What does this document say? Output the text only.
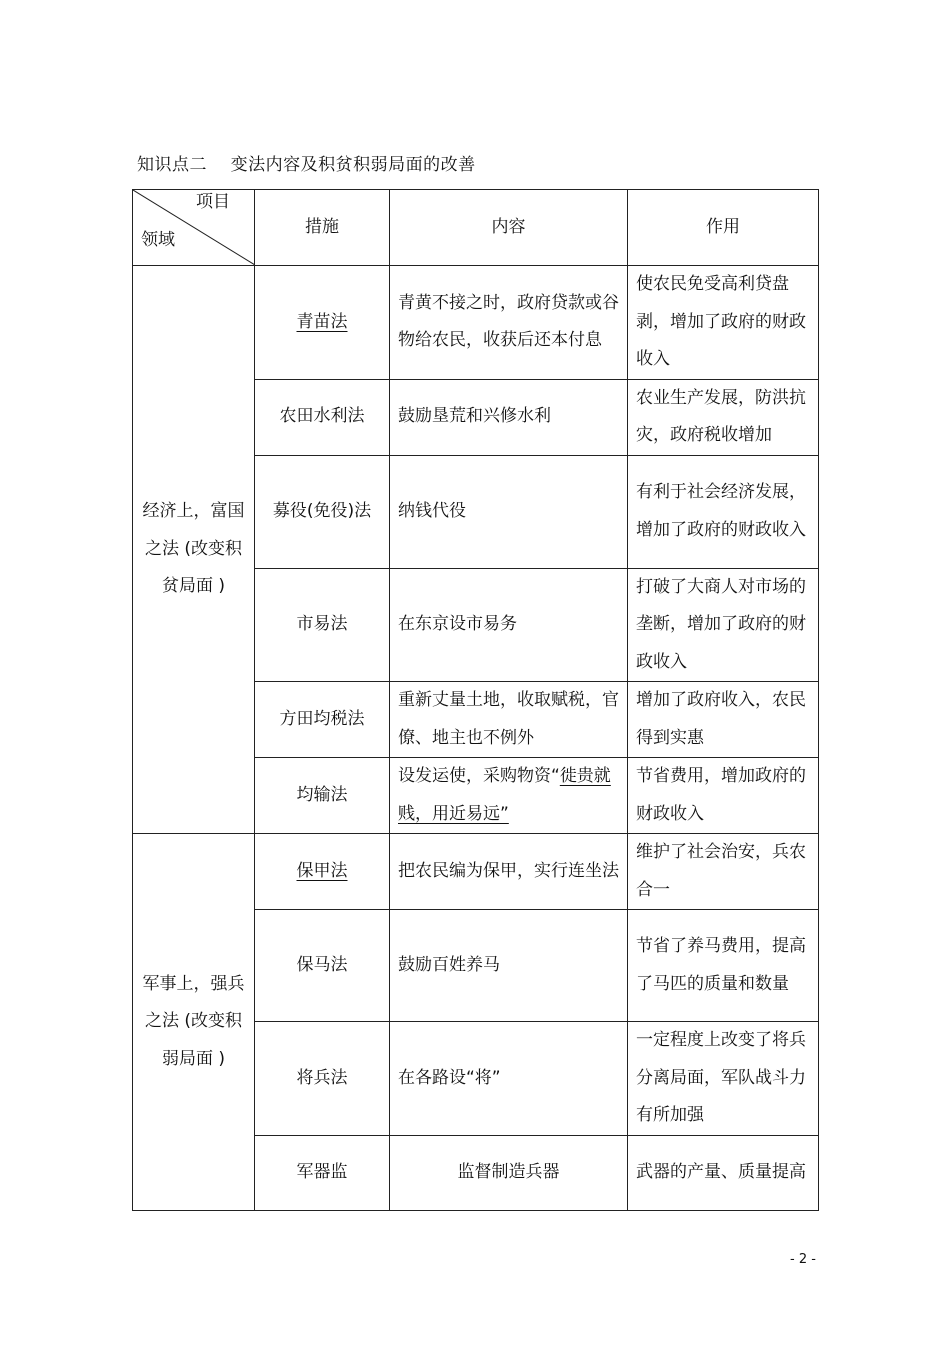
知识点二    变法内容及积贫积弱局面的改善
项目
领域	措施	内容	作用
经济上，富国之法 (改变积贫局面 )	青苗法	青黄不接之时，政府贷款或谷物给农民，收获后还本付息	使农民免受高利贷盘剥，增加了政府的财政收入
	农田水利法	鼓励垦荒和兴修水利	农业生产发展，防洪抗灾，政府税收增加
	募役(免役)法	纳钱代役	有利于社会经济发展，增加了政府的财政收入
	市易法	在东京设市易务	打破了大商人对市场的垄断，增加了政府的财政收入
	方田均税法	重新丈量土地，收取赋税，官僚、地主也不例外	增加了政府收入，农民得到实惠
	均输法	设发运使，采购物资“徙贵就贱，用近易远”	节省费用，增加政府的财政收入
军事上，强兵之法 (改变积弱局面 )	保甲法	把农民编为保甲，实行连坐法	维护了社会治安，兵农合一
	保马法	鼓励百姓养马	节省了养马费用，提高了马匹的质量和数量
	将兵法	在各路设“将”	一定程度上改变了将兵分离局面，军队战斗力有所加强
	军器监	监督制造兵器	武器的产量、质量提高
- 2 -
